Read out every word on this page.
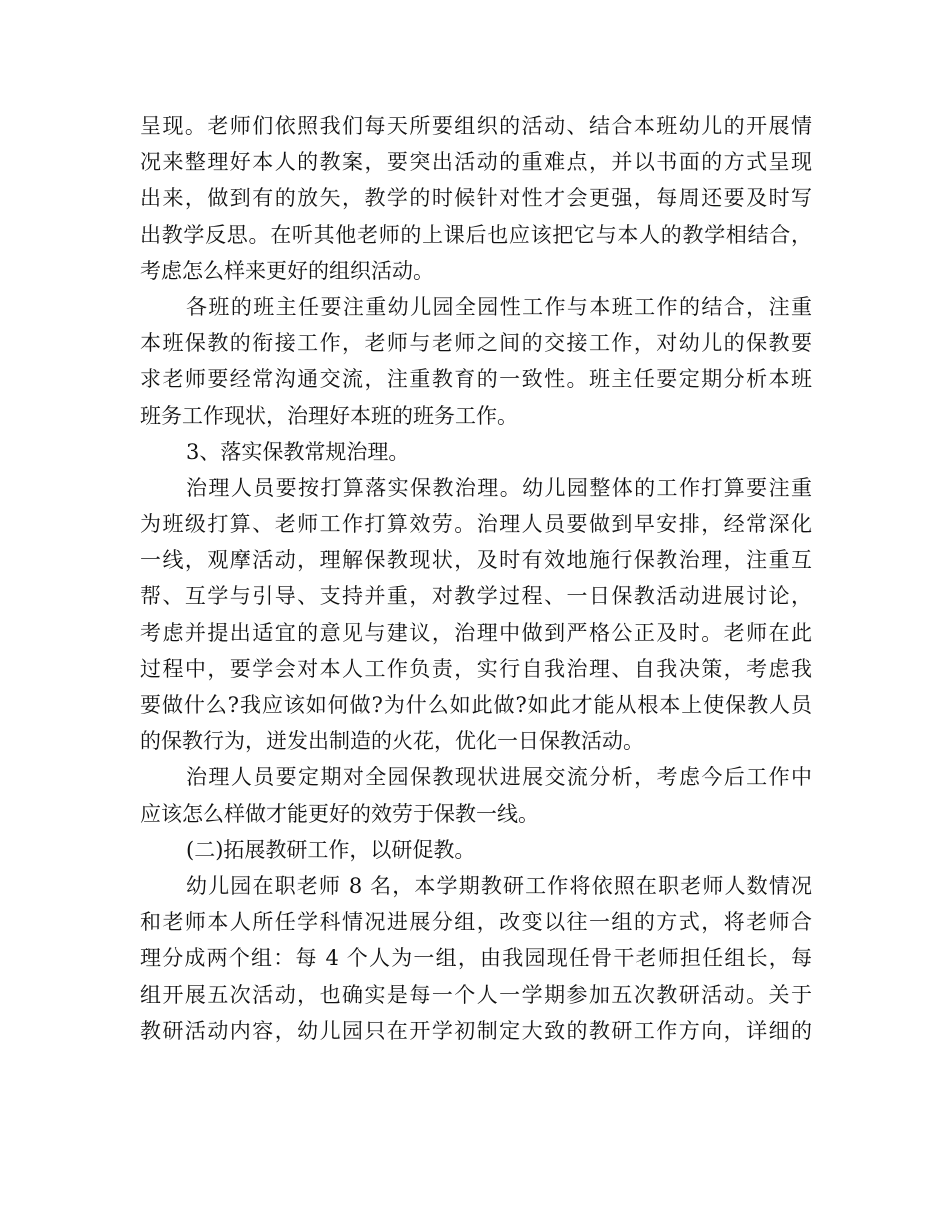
呈现。老师们依照我们每天所要组织的活动、结合本班幼儿的开展情
况来整理好本人的教案，要突出活动的重难点，并以书面的方式呈现
出来，做到有的放矢，教学的时候针对性才会更强，每周还要及时写
出教学反思。在听其他老师的上课后也应该把它与本人的教学相结合，
考虑怎么样来更好的组织活动。
各班的班主任要注重幼儿园全园性工作与本班工作的结合，注重
本班保教的衔接工作，老师与老师之间的交接工作，对幼儿的保教要
求老师要经常沟通交流，注重教育的一致性。班主任要定期分析本班
班务工作现状，治理好本班的班务工作。
3、落实保教常规治理。
治理人员要按打算落实保教治理。幼儿园整体的工作打算要注重
为班级打算、老师工作打算效劳。治理人员要做到早安排，经常深化
一线，观摩活动，理解保教现状，及时有效地施行保教治理，注重互
帮、互学与引导、支持并重，对教学过程、一日保教活动进展讨论，
考虑并提出适宜的意见与建议，治理中做到严格公正及时。老师在此
过程中，要学会对本人工作负责，实行自我治理、自我决策，考虑我
要做什么?我应该如何做?为什么如此做?如此才能从根本上使保教人员
的保教行为，迸发出制造的火花，优化一日保教活动。
治理人员要定期对全园保教现状进展交流分析，考虑今后工作中
应该怎么样做才能更好的效劳于保教一线。
(二)拓展教研工作，以研促教。
幼儿园在职老师 8 名，本学期教研工作将依照在职老师人数情况
和老师本人所任学科情况进展分组，改变以往一组的方式，将老师合
理分成两个组：每 4 个人为一组，由我园现任骨干老师担任组长，每
组开展五次活动，也确实是每一个人一学期参加五次教研活动。关于
教研活动内容，幼儿园只在开学初制定大致的教研工作方向，详细的
